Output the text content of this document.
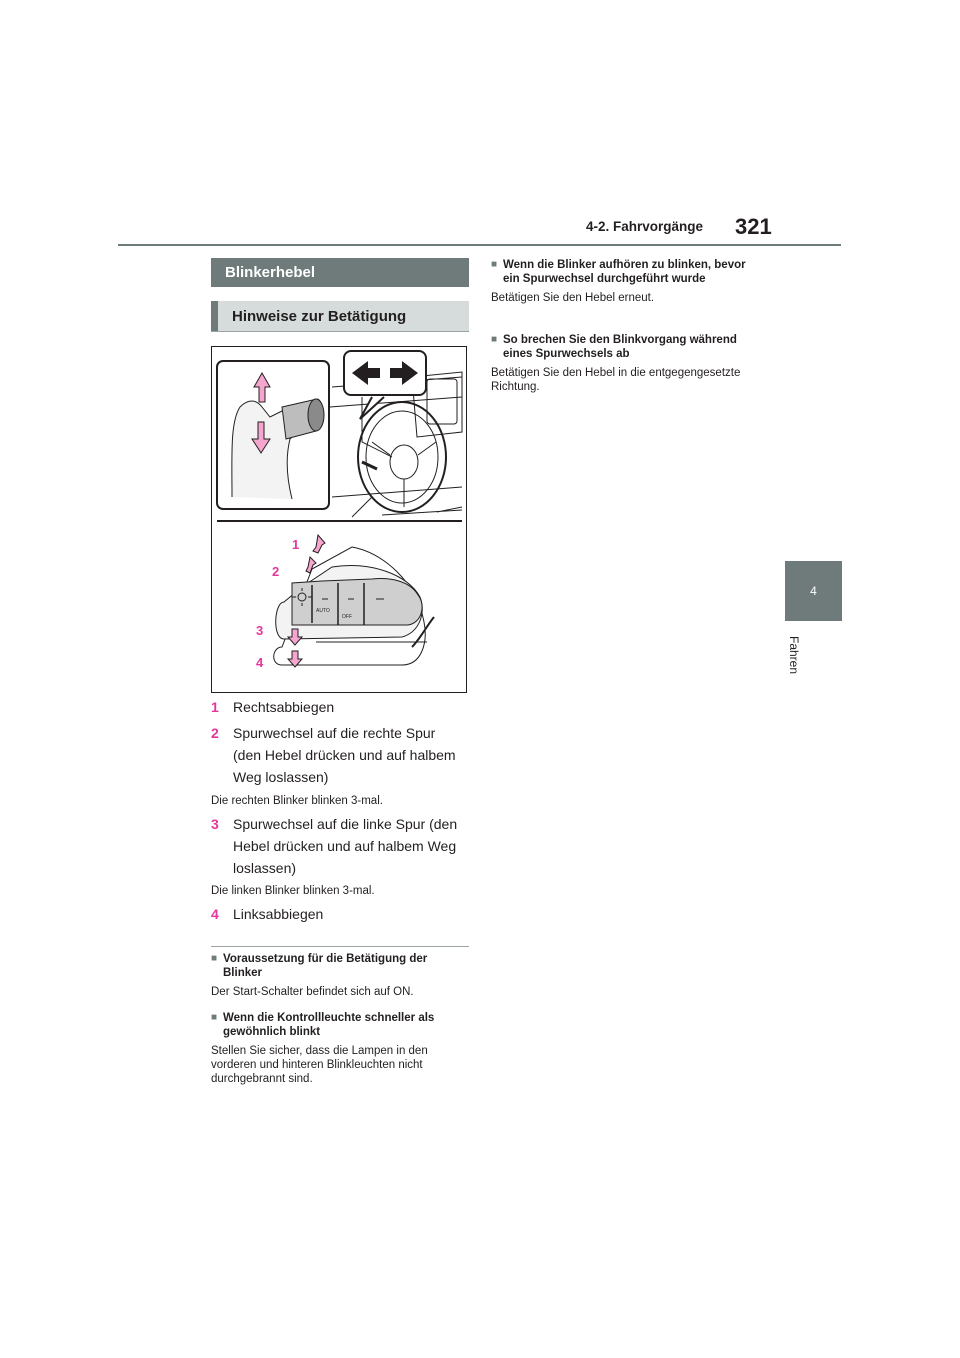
4-2. Fahrvorgänge 321
4
Fahren
Blinkerhebel
Hinweise zur Betätigung
AUTO
OFF
1
2
3
4
1 Rechtsabbiegen
2 Spurwechsel auf die rechte Spur (den Hebel drücken und auf halbem Weg loslassen)
Die rechten Blinker blinken 3-mal.
3 Spurwechsel auf die linke Spur (den Hebel drücken und auf halbem Weg loslassen)
Die linken Blinker blinken 3-mal.
4 Linksabbiegen
■ Voraussetzung für die Betätigung der Blinker
Der Start-Schalter befindet sich auf ON.
■ Wenn die Kontrollleuchte schneller als gewöhnlich blinkt
Stellen Sie sicher, dass die Lampen in den vorderen und hinteren Blinkleuchten nicht durchgebrannt sind.
■ Wenn die Blinker aufhören zu blinken, bevor ein Spurwechsel durchgeführt wurde
Betätigen Sie den Hebel erneut.
■ So brechen Sie den Blinkvorgang während eines Spurwechsels ab
Betätigen Sie den Hebel in die entgegengesetzte Richtung.
